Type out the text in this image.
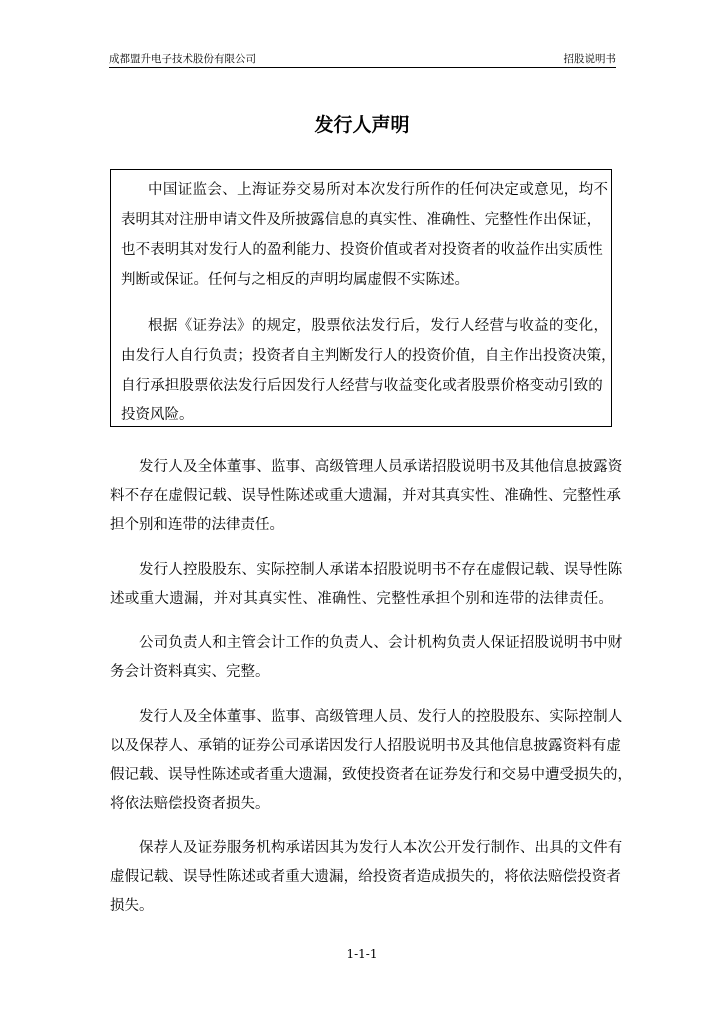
成都盟升电子技术股份有限公司	招股说明书
发行人声明
中国证监会、上海证券交易所对本次发行所作的任何决定或意见，均不
表明其对注册申请文件及所披露信息的真实性、准确性、完整性作出保证，
也不表明其对发行人的盈利能力、投资价值或者对投资者的收益作出实质性
判断或保证。任何与之相反的声明均属虚假不实陈述。
根据《证券法》的规定，股票依法发行后，发行人经营与收益的变化，
由发行人自行负责；投资者自主判断发行人的投资价值，自主作出投资决策，
自行承担股票依法发行后因发行人经营与收益变化或者股票价格变动引致的
投资风险。
发行人及全体董事、监事、高级管理人员承诺招股说明书及其他信息披露资
料不存在虚假记载、误导性陈述或重大遗漏，并对其真实性、准确性、完整性承
担个别和连带的法律责任。
发行人控股股东、实际控制人承诺本招股说明书不存在虚假记载、误导性陈
述或重大遗漏，并对其真实性、准确性、完整性承担个别和连带的法律责任。
公司负责人和主管会计工作的负责人、会计机构负责人保证招股说明书中财
务会计资料真实、完整。
发行人及全体董事、监事、高级管理人员、发行人的控股股东、实际控制人
以及保荐人、承销的证券公司承诺因发行人招股说明书及其他信息披露资料有虚
假记载、误导性陈述或者重大遗漏，致使投资者在证券发行和交易中遭受损失的，
将依法赔偿投资者损失。
保荐人及证券服务机构承诺因其为发行人本次公开发行制作、出具的文件有
虚假记载、误导性陈述或者重大遗漏，给投资者造成损失的，将依法赔偿投资者
损失。
1-1-1
